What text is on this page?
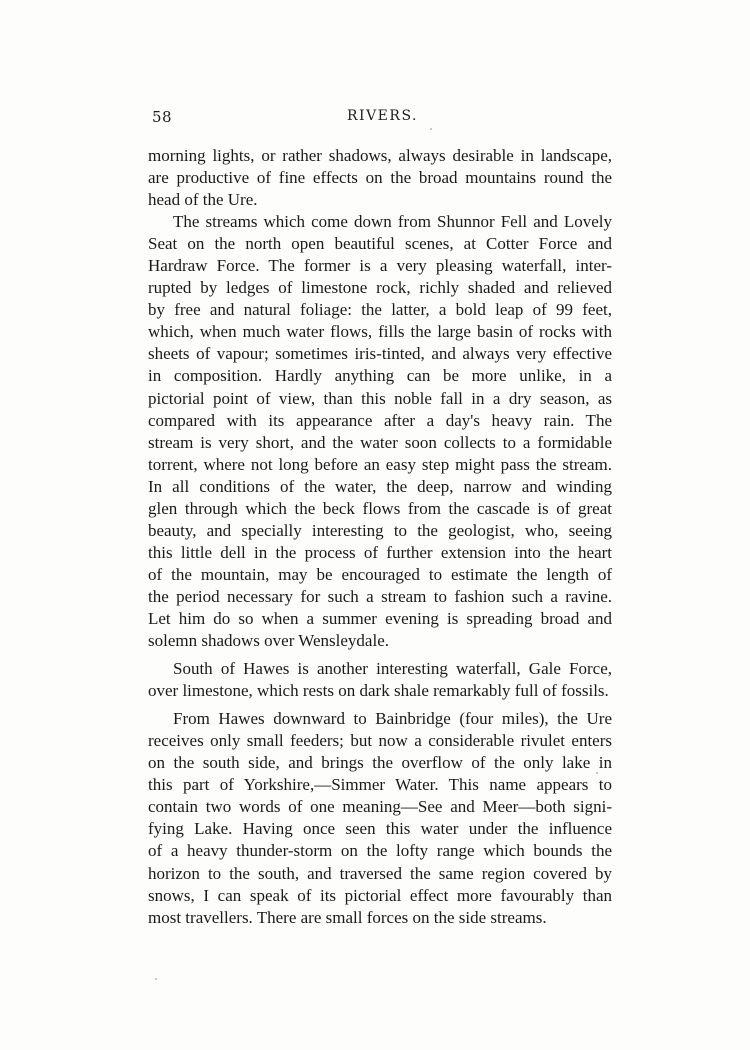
58	RIVERS.
morning lights, or rather shadows, always desirable in landscape,
are productive of fine effects on the broad mountains round the
head of the Ure.
The streams which come down from Shunnor Fell and Lovely
Seat on the north open beautiful scenes, at Cotter Force and
Hardraw Force. The former is a very pleasing waterfall, inter-
rupted by ledges of limestone rock, richly shaded and relieved
by free and natural foliage: the latter, a bold leap of 99 feet,
which, when much water flows, fills the large basin of rocks with
sheets of vapour; sometimes iris-tinted, and always very effective
in composition. Hardly anything can be more unlike, in a
pictorial point of view, than this noble fall in a dry season, as
compared with its appearance after a day's heavy rain. The
stream is very short, and the water soon collects to a formidable
torrent, where not long before an easy step might pass the stream.
In all conditions of the water, the deep, narrow and winding
glen through which the beck flows from the cascade is of great
beauty, and specially interesting to the geologist, who, seeing
this little dell in the process of further extension into the heart
of the mountain, may be encouraged to estimate the length of
the period necessary for such a stream to fashion such a ravine.
Let him do so when a summer evening is spreading broad and
solemn shadows over Wensleydale.
South of Hawes is another interesting waterfall, Gale Force,
over limestone, which rests on dark shale remarkably full of fossils.
From Hawes downward to Bainbridge (four miles), the Ure
receives only small feeders; but now a considerable rivulet enters
on the south side, and brings the overflow of the only lake in
this part of Yorkshire,—Simmer Water. This name appears to
contain two words of one meaning—See and Meer—both signi-
fying Lake. Having once seen this water under the influence
of a heavy thunder-storm on the lofty range which bounds the
horizon to the south, and traversed the same region covered by
snows, I can speak of its pictorial effect more favourably than
most travellers. There are small forces on the side streams.
